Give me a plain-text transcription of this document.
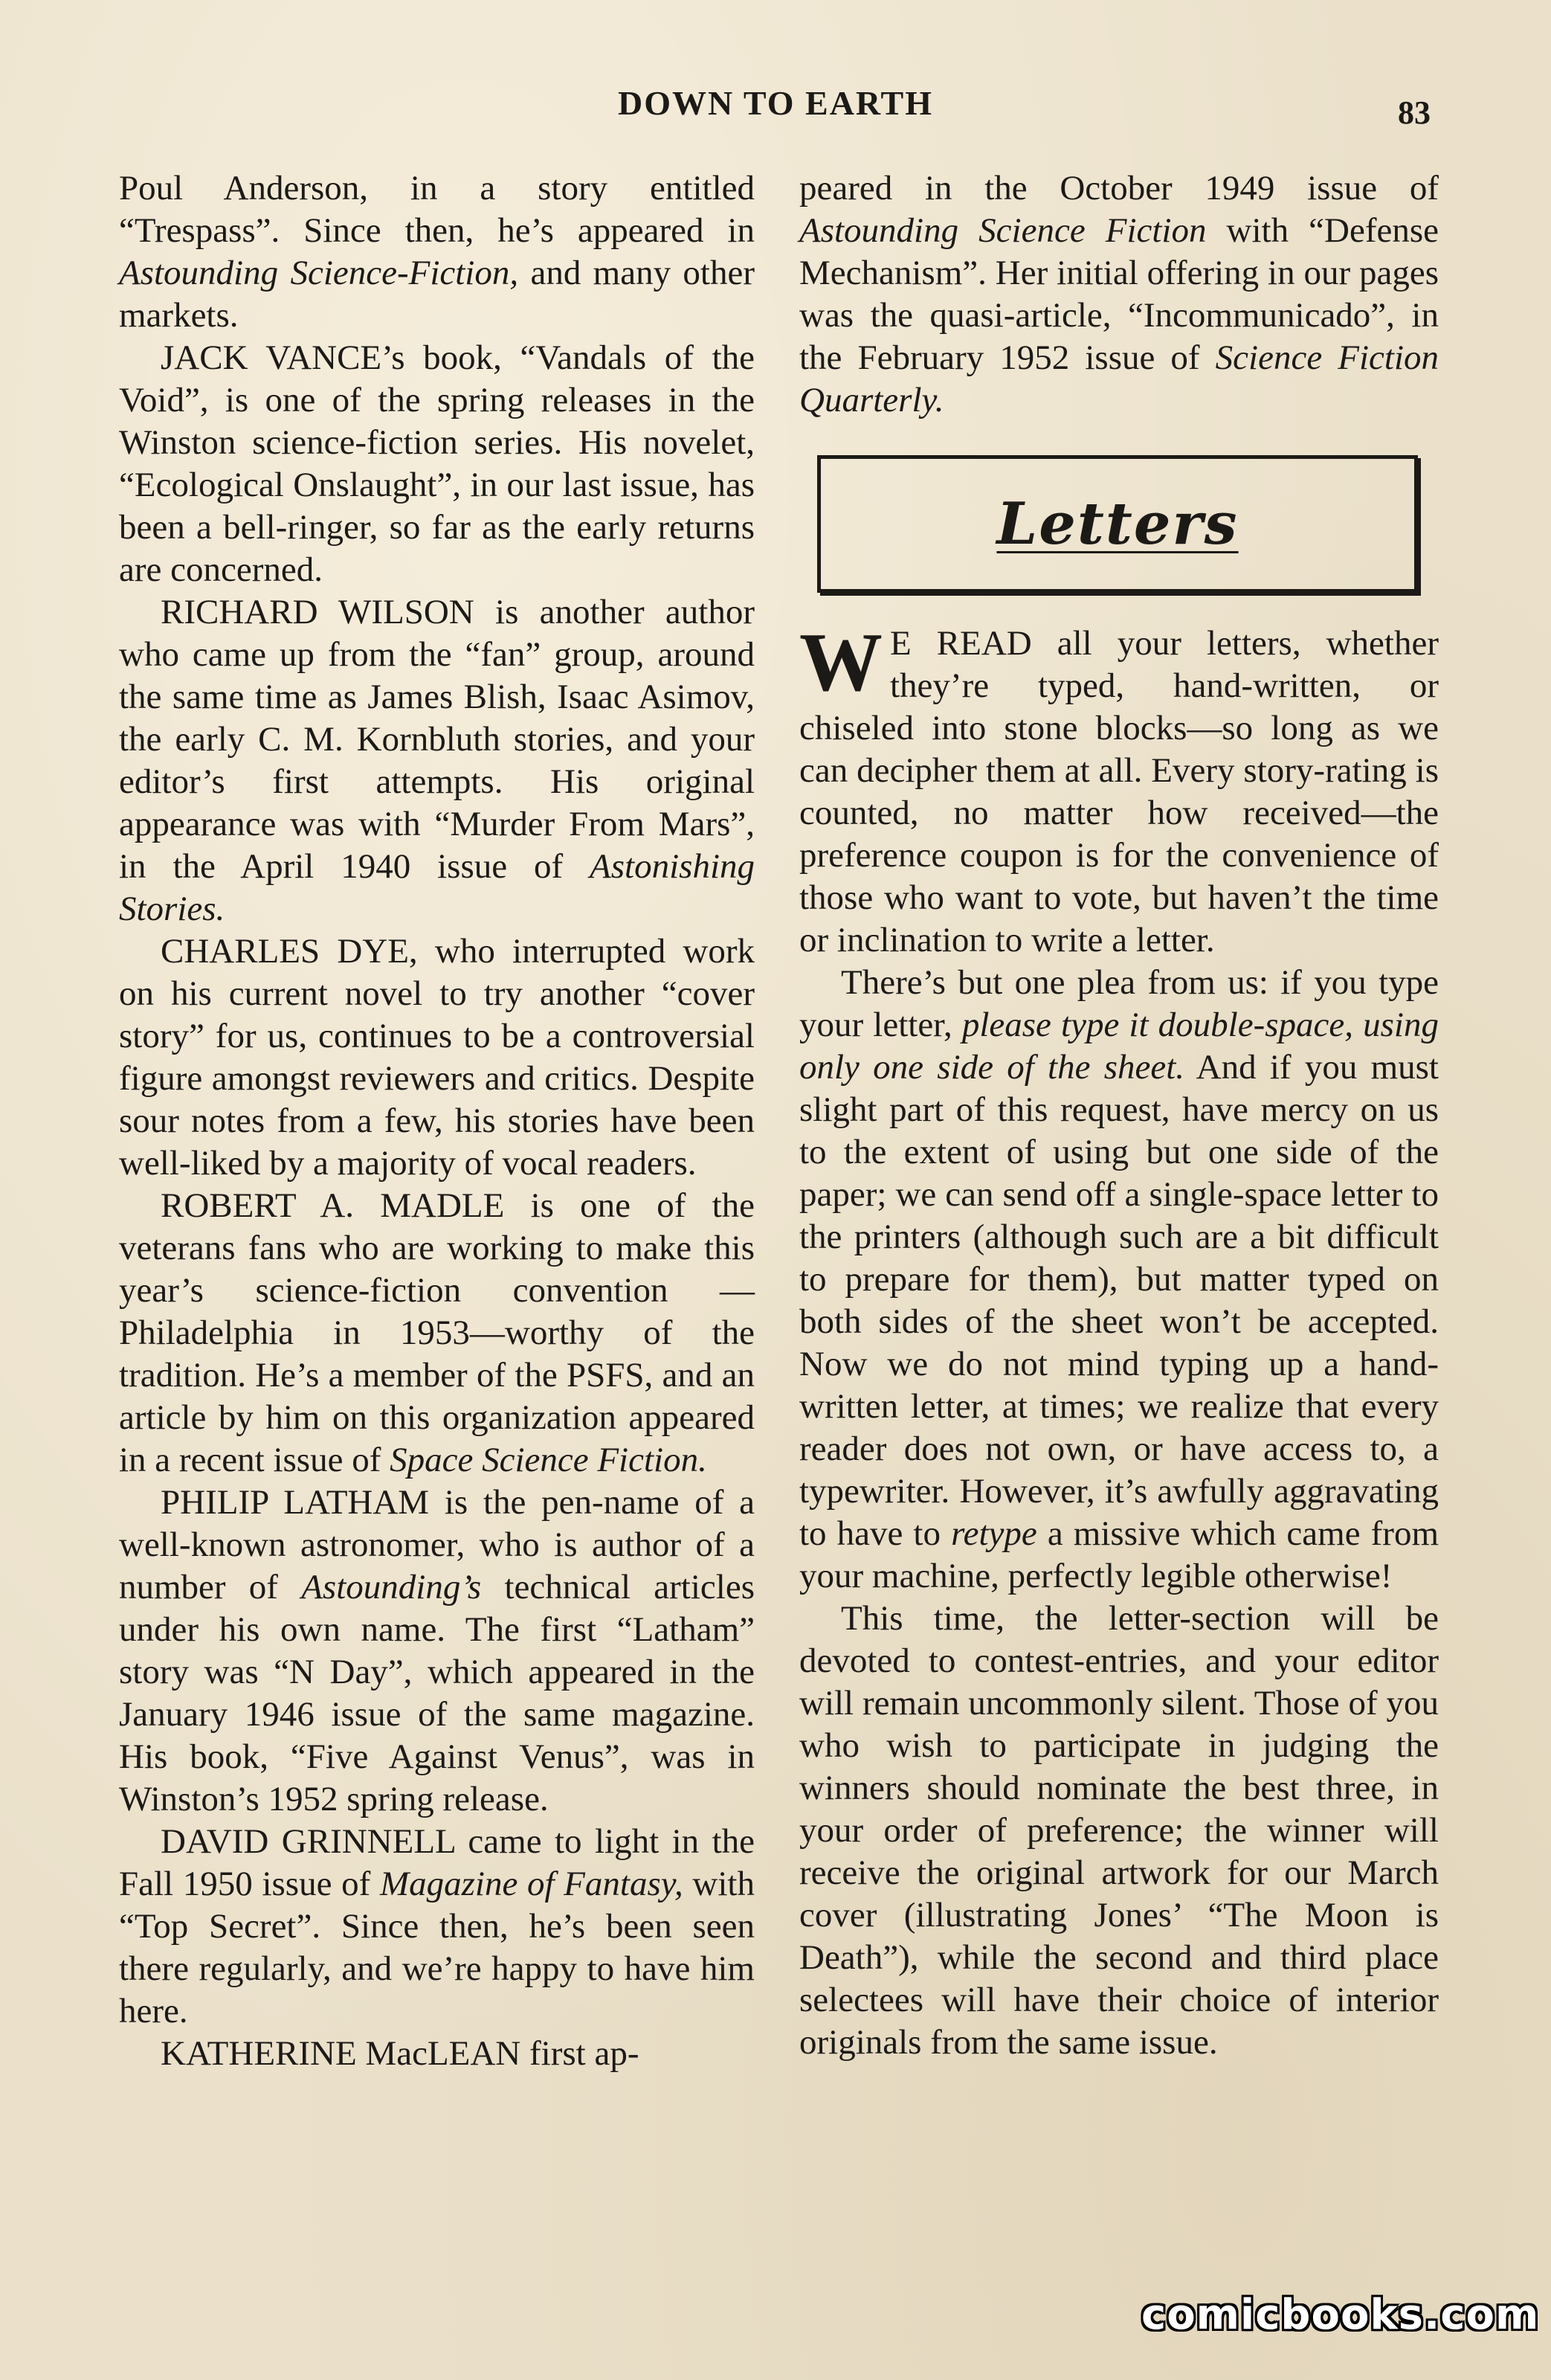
DOWN TO EARTH	83

Poul Anderson, in a story entitled “Trespass”. Since then, he’s appeared in Astounding Science-Fiction, and many other markets.

JACK VANCE’s book, “Vandals of the Void”, is one of the spring releases in the Winston science-fiction series. His novelet, “Ecological Onslaught”, in our last issue, has been a bell-ringer, so far as the early returns are concerned.

RICHARD WILSON is another author who came up from the “fan” group, around the same time as James Blish, Isaac Asimov, the early C. M. Kornbluth stories, and your editor’s first attempts. His original appearance was with “Murder From Mars”, in the April 1940 issue of Astonishing Stories.

CHARLES DYE, who interrupted work on his current novel to try another “cover story” for us, continues to be a controversial figure amongst reviewers and critics. Despite sour notes from a few, his stories have been well-liked by a majority of vocal readers.

ROBERT A. MADLE is one of the veterans fans who are working to make this year’s science-fiction convention —Philadelphia in 1953—worthy of the tradition. He’s a member of the PSFS, and an article by him on this organization appeared in a recent issue of Space Science Fiction.

PHILIP LATHAM is the pen-name of a well-known astronomer, who is author of a number of Astounding’s technical articles under his own name. The first “Latham” story was “N Day”, which appeared in the January 1946 issue of the same magazine. His book, “Five Against Venus”, was in Winston’s 1952 spring release.

DAVID GRINNELL came to light in the Fall 1950 issue of Magazine of Fantasy, with “Top Secret”. Since then, he’s been seen there regularly, and we’re happy to have him here.

KATHERINE MacLEAN first ap-

peared in the October 1949 issue of Astounding Science Fiction with “Defense Mechanism”. Her initial offering in our pages was the quasi-article, “Incommunicado”, in the February 1952 issue of Science Fiction Quarterly.

Letters

W E READ all your letters, whether they’re typed, hand-written, or chiseled into stone blocks—so long as we can decipher them at all. Every story-rating is counted, no matter how received—the preference coupon is for the convenience of those who want to vote, but haven’t the time or inclination to write a letter.

There’s but one plea from us: if you type your letter, please type it double-space, using only one side of the sheet. And if you must slight part of this request, have mercy on us to the extent of using but one side of the paper; we can send off a single-space letter to the printers (although such are a bit difficult to prepare for them), but matter typed on both sides of the sheet won’t be accepted. Now we do not mind typing up a hand-written letter, at times; we realize that every reader does not own, or have access to, a typewriter. However, it’s awfully aggravating to have to retype a missive which came from your machine, perfectly legible otherwise!

This time, the letter-section will be devoted to contest-entries, and your editor will remain uncommonly silent. Those of you who wish to participate in judging the winners should nominate the best three, in your order of preference; the winner will receive the original artwork for our March cover (illustrating Jones’ “The Moon is Death”), while the second and third place selectees will have their choice of interior originals from the same issue.

comicbooks.com
